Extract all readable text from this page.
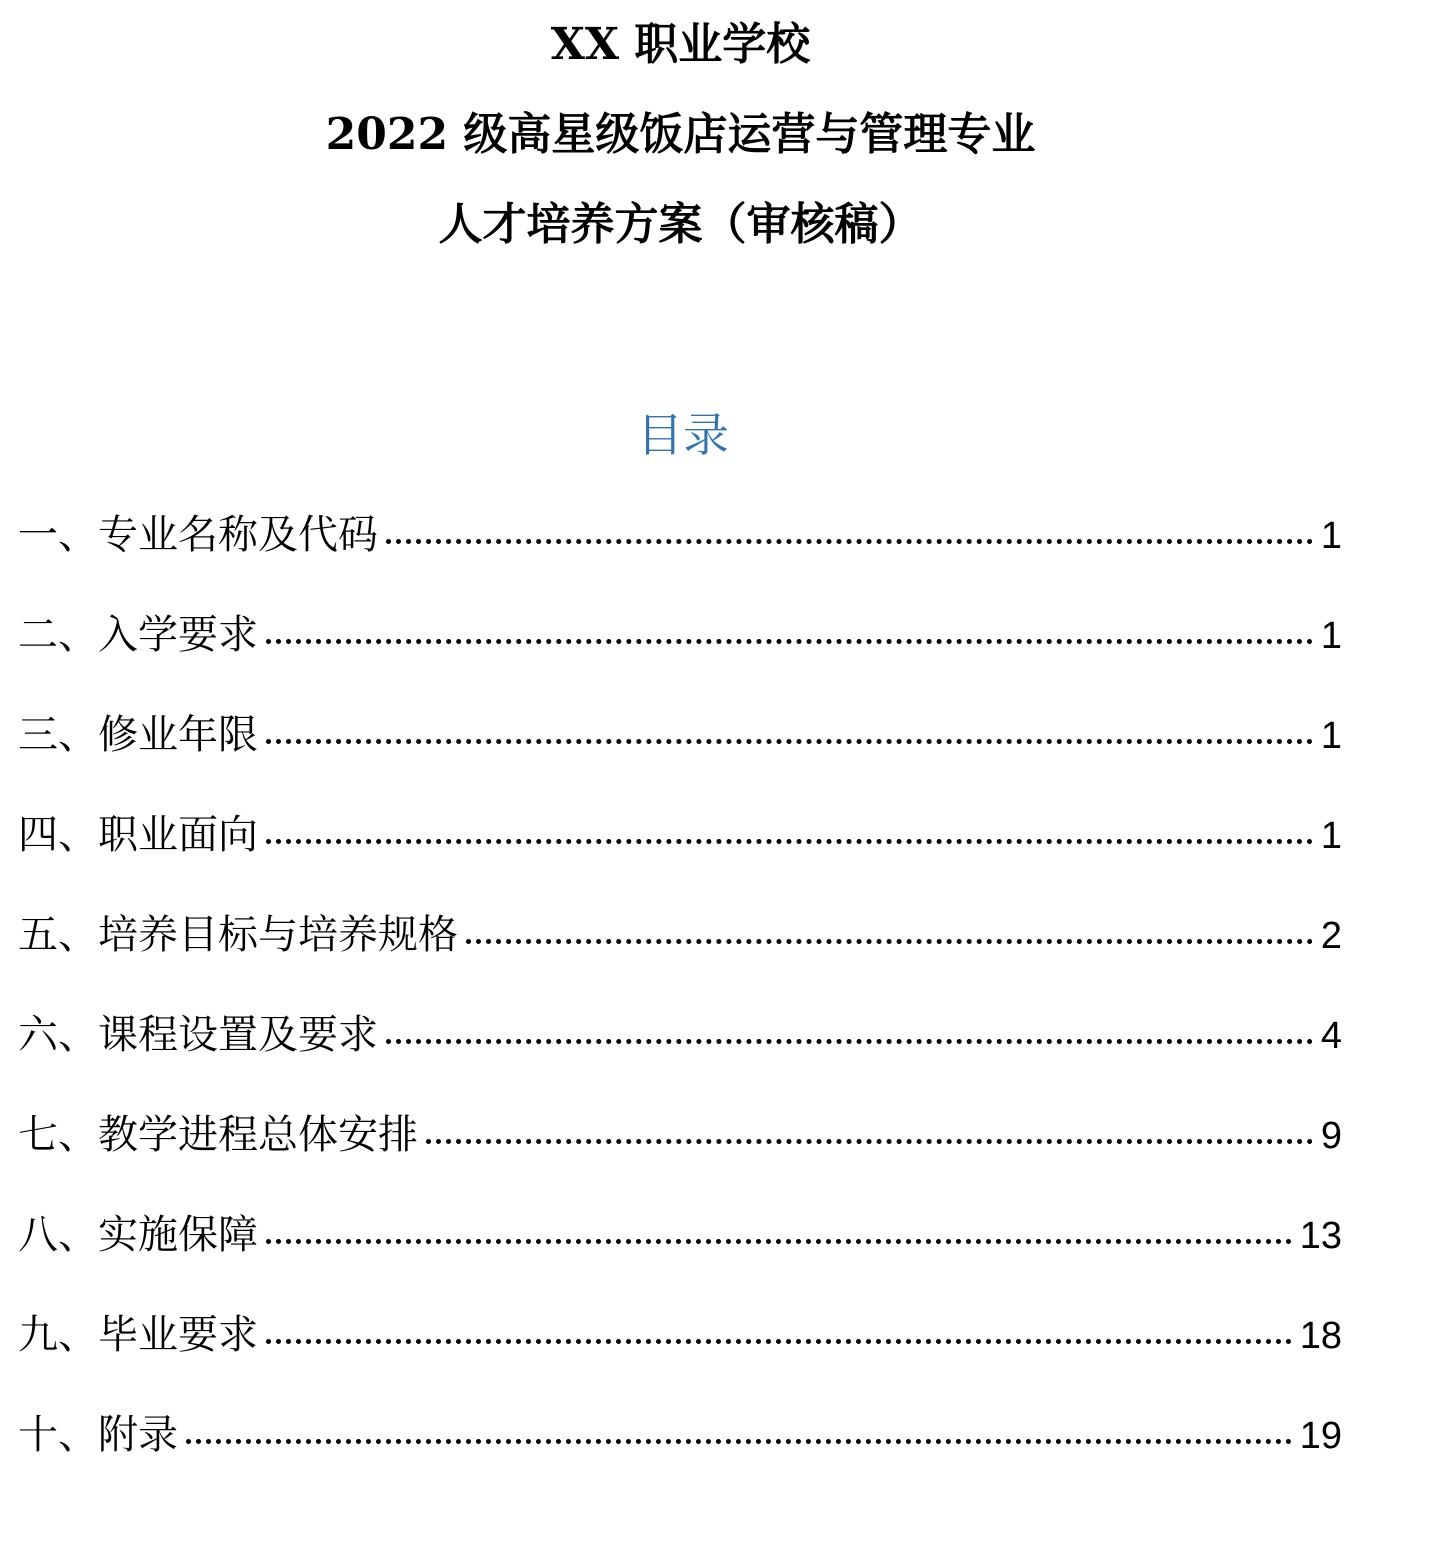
XX 职业学校
2022 级高星级饭店运营与管理专业
人才培养方案（审核稿）
目录
一、专业名称及代码	1
二、入学要求	1
三、修业年限	1
四、职业面向	1
五、培养目标与培养规格	2
六、课程设置及要求	4
七、教学进程总体安排	9
八、实施保障	13
九、毕业要求	18
十、附录	19
